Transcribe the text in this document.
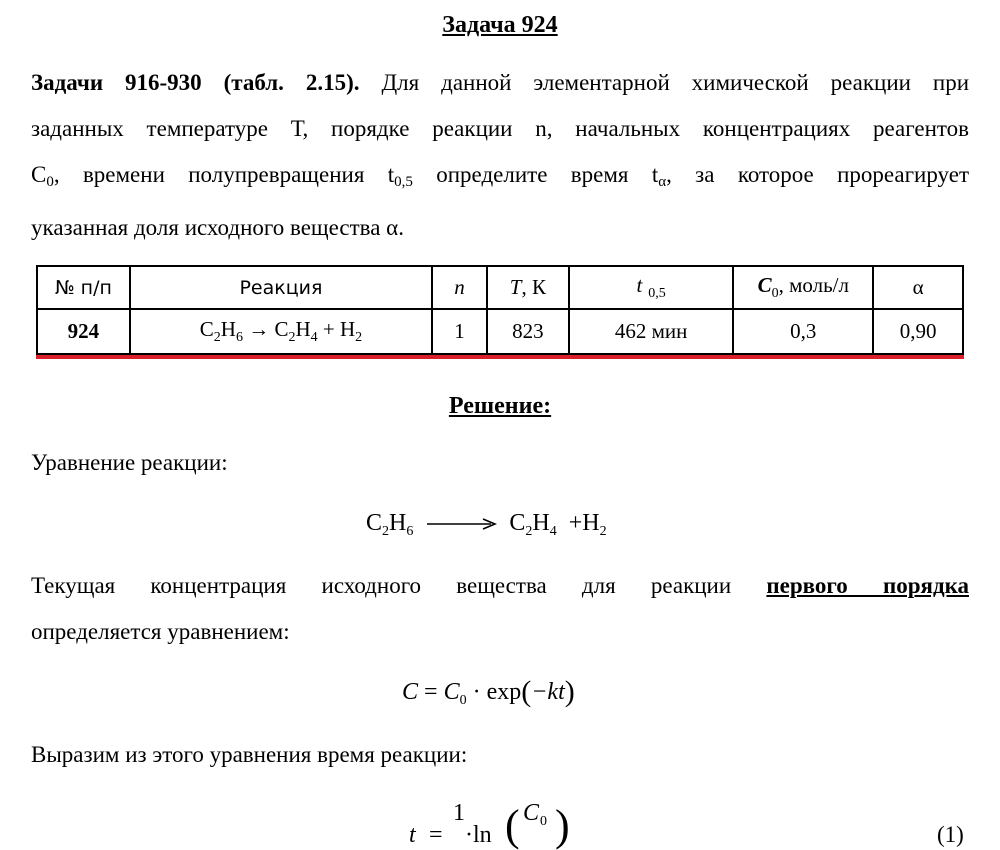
Задача 924
Задачи 916-930 (табл. 2.15). Для данной элементарной химической реакции при
заданных температуре Т, порядке реакции n, начальных концентрациях реагентов
$C_0$, времени полупревращения $t_{0,5}$ определите время $t_\alpha$, за которое прореагирует
указанная доля исходного вещества α.
№ п/п	Реакция	n	T, К	t $_{0,5}$	$C_0$, моль/л	α
924	$C_2H_6 \to C_2H_4 + H_2$	1	823	462 мин	0,3	0,90
Решение:
Уравнение реакции:
$C_2H_6$	$C_2H_4 +H_2$
Текущая концентрация исходного вещества для реакции первого порядка
определяется уравнением:
$C = C_0 \cdot \exp(-kt)$
Выразим из этого уравнения время реакции:
t =
1
·ln ( C 0 )	(1)
